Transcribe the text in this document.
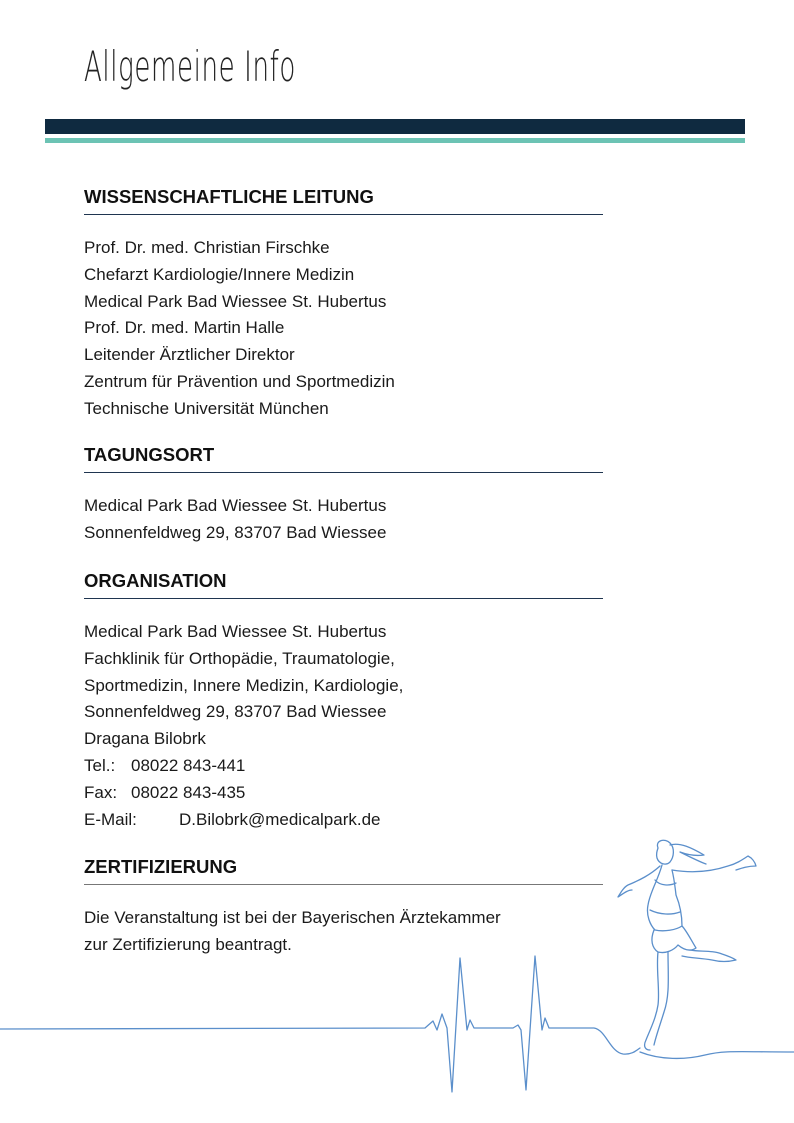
Allgemeine Info
WISSENSCHAFTLICHE LEITUNG
Prof. Dr. med. Christian Firschke
Chefarzt Kardiologie/Innere Medizin
Medical Park Bad Wiessee St. Hubertus
Prof. Dr. med. Martin Halle
Leitender Ärztlicher Direktor
Zentrum für Prävention und Sportmedizin
Technische Universität München
TAGUNGSORT
Medical Park Bad Wiessee St. Hubertus
Sonnenfeldweg 29, 83707 Bad Wiessee
ORGANISATION
Medical Park Bad Wiessee St. Hubertus
Fachklinik für Orthopädie, Traumatologie,
Sportmedizin, Innere Medizin, Kardiologie,
Sonnenfeldweg 29, 83707 Bad Wiessee
Dragana Bilobrk
Tel.: 08022 843-441
Fax: 08022 843-435
E-Mail: D.Bilobrk@medicalpark.de
ZERTIFIZIERUNG
Die Veranstaltung ist bei der Bayerischen Ärztekammer
zur Zertifizierung beantragt.
